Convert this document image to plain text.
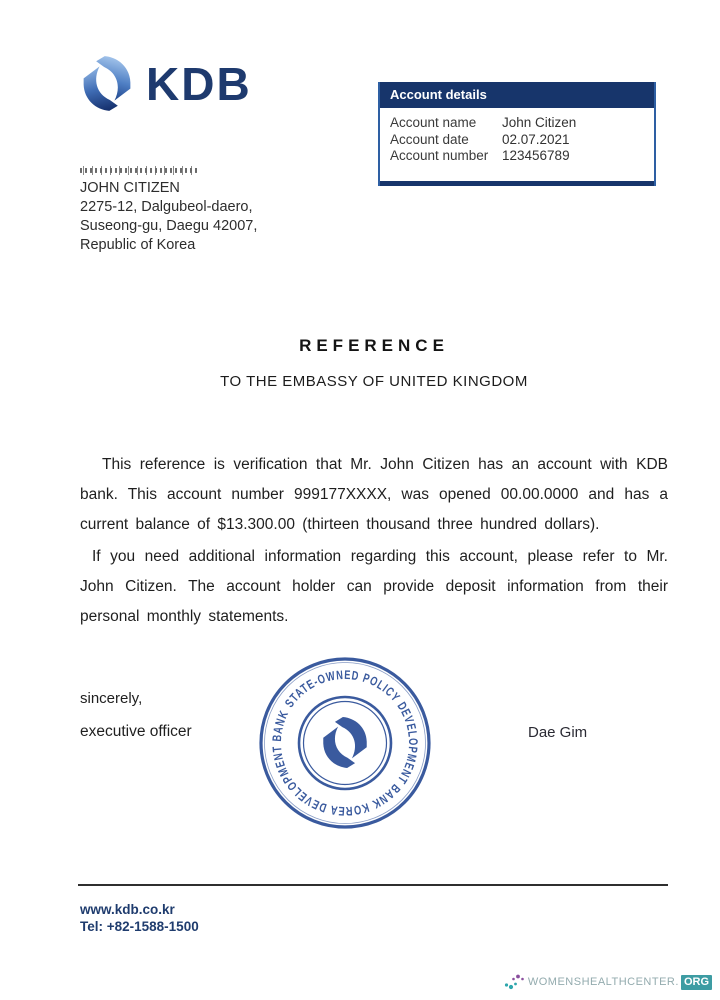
KDB	Account details
Account name	John Citizen
Account date	02.07.2021
Account number	123456789
JOHN CITIZEN
2275-12, Dalgubeol-daero,
Suseong-gu, Daegu 42007,
Republic of Korea
REFERENCE
TO THE EMBASSY OF UNITED KINGDOM
This reference is verification that Mr. John Citizen has an account with KDB bank. This account number 999177XXXX, was opened 00.00.0000 and has a current balance of $13.300.00 (thirteen thousand three hundred dollars).
If you need additional information regarding this account, please refer to Mr. John Citizen. The account holder can provide deposit information from their personal monthly statements.
sincerely,
executive officer	Dae Gim
STATE-OWNED POLICY DEVELOPMENT BANK KOREA DEVELOPMENT BANK
www.kdb.co.kr
Tel: +82-1588-1500
WOMENSHEALTHCENTER. ORG
